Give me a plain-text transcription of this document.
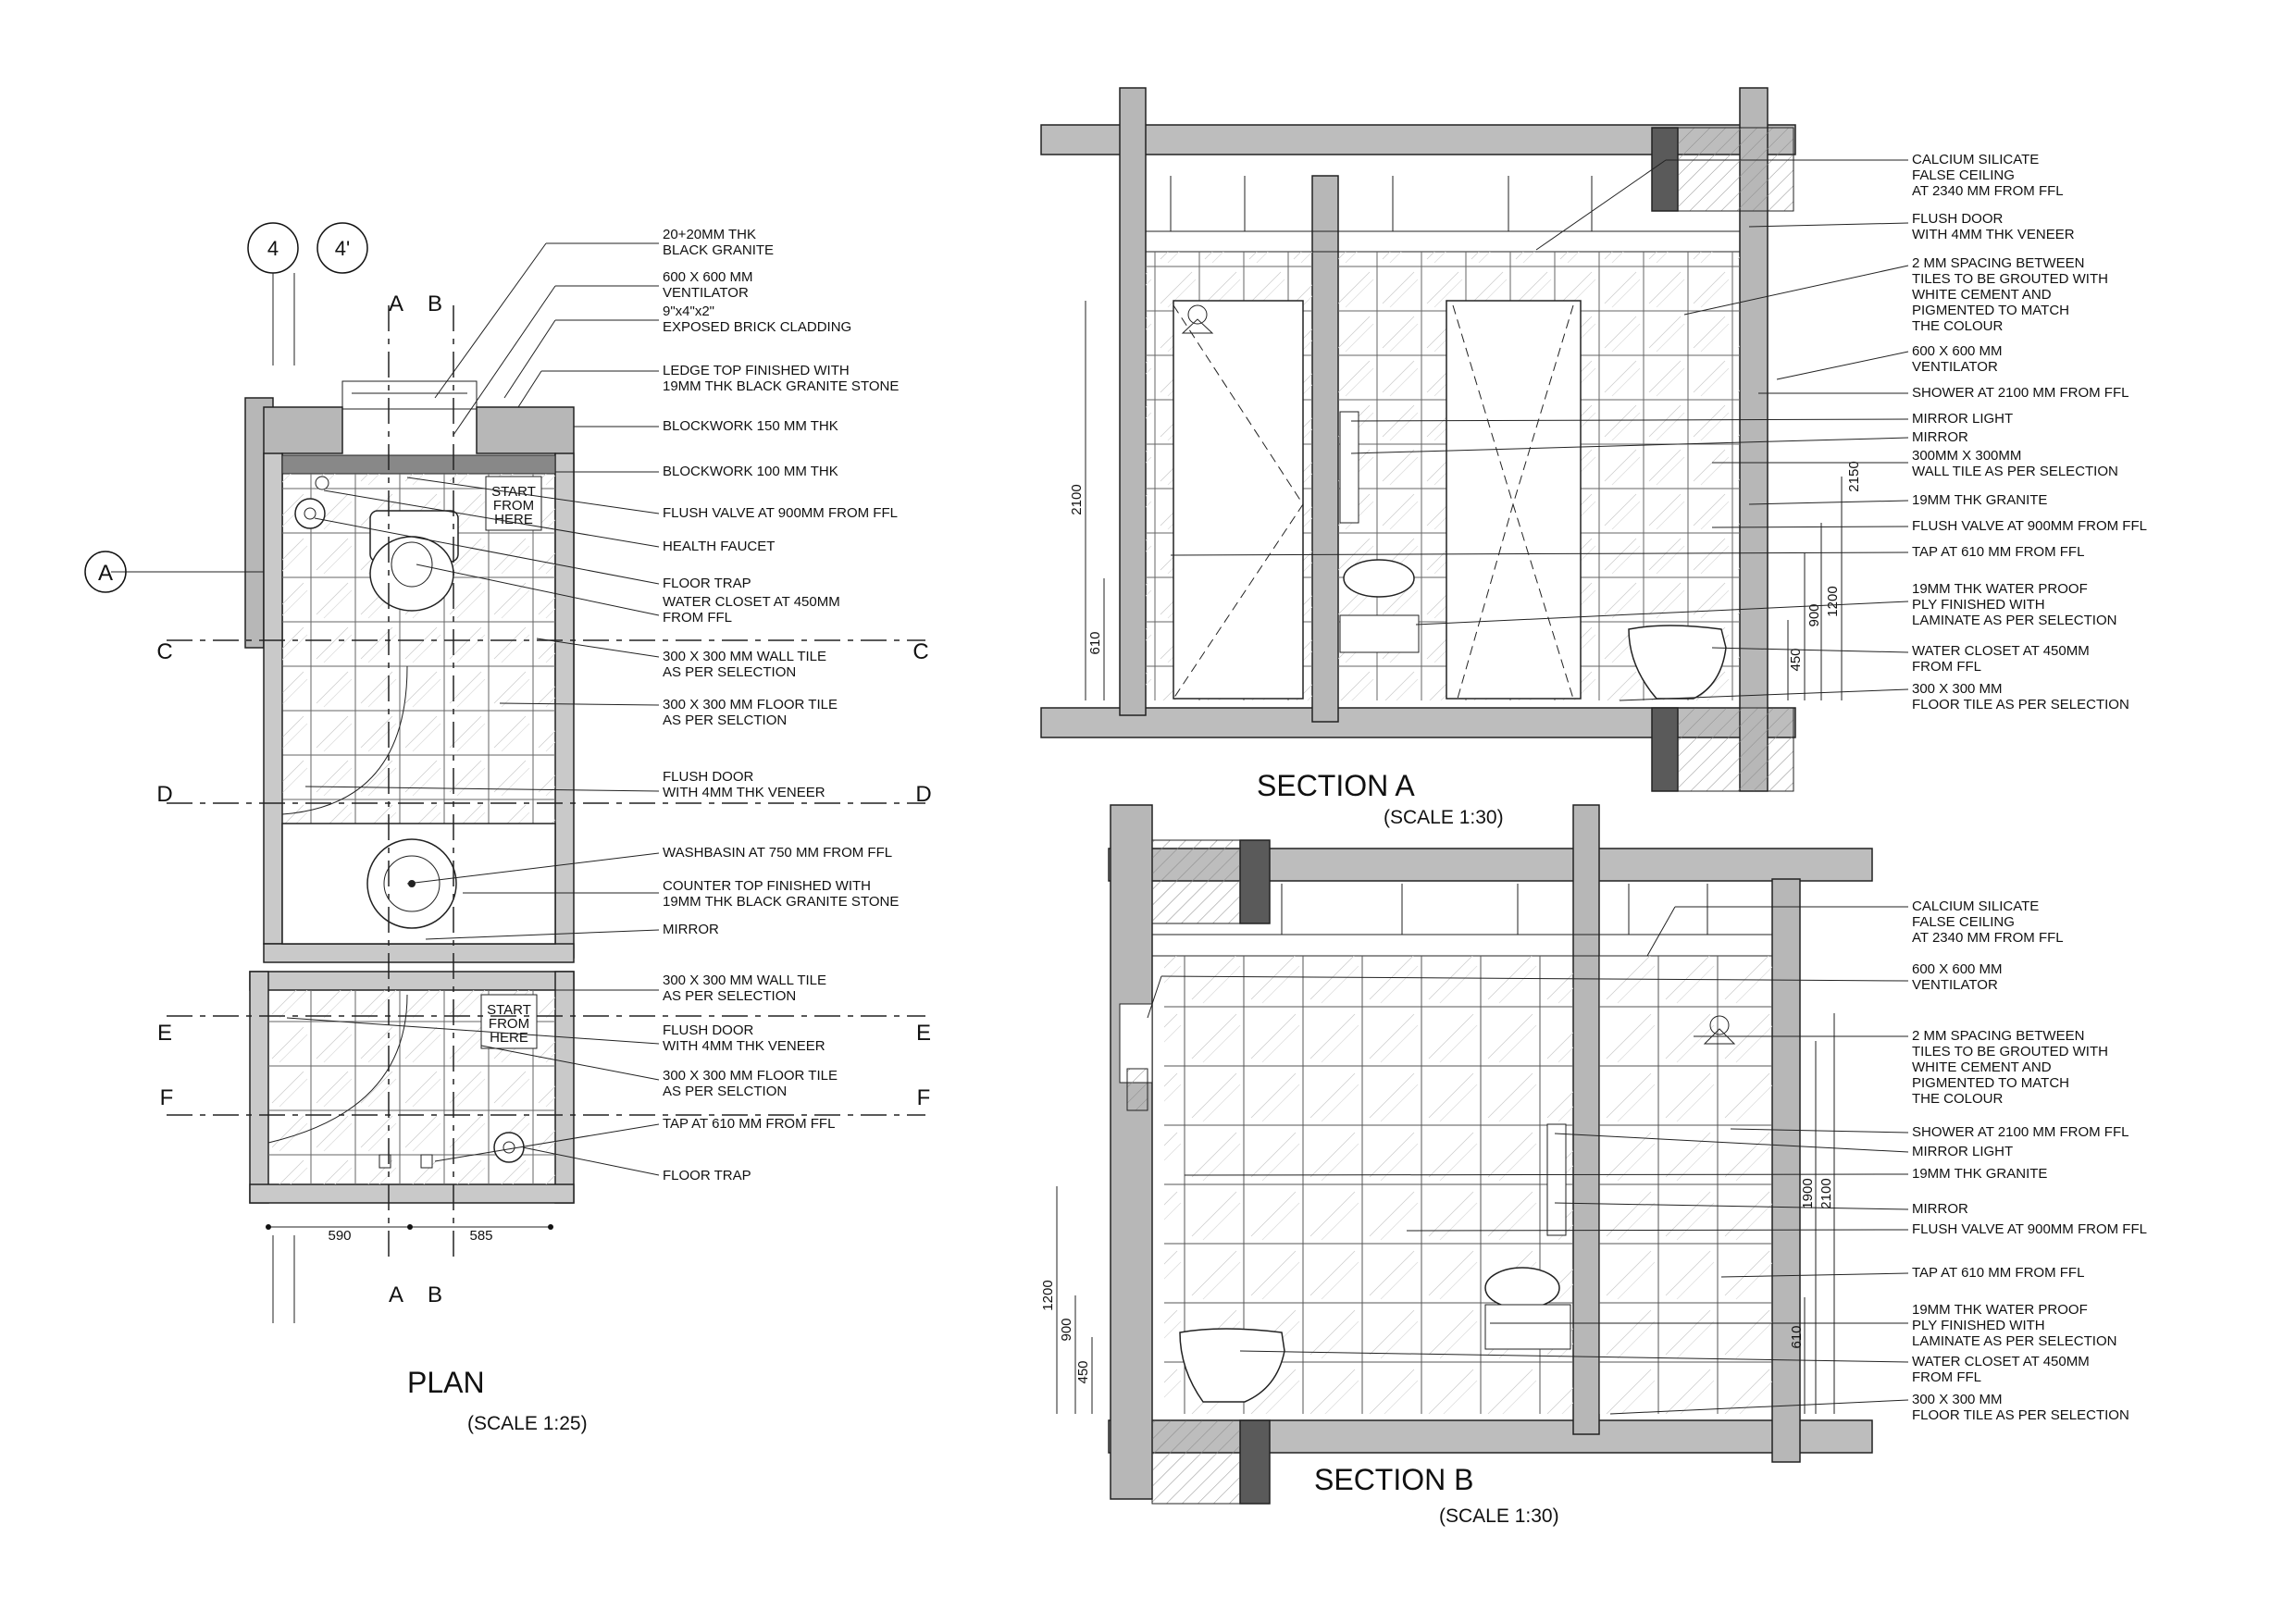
4	4'
START
FROM
HERE
START
FROM
HERE
A
A B
A B
C	C
D	D
E	E
F	F
590	585
PLAN
(SCALE 1:25)
20+20MM THK
BLACK GRANITE
600 X 600 MM
VENTILATOR
9"x4"x2"
EXPOSED BRICK CLADDING
LEDGE TOP FINISHED WITH
19MM THK BLACK GRANITE STONE
BLOCKWORK 150 MM THK
BLOCKWORK 100 MM THK
FLUSH VALVE AT 900MM FROM FFL
HEALTH FAUCET
FLOOR TRAP
WATER CLOSET AT 450MM
FROM FFL
300 X 300 MM WALL TILE
AS PER SELECTION
300 X 300 MM FLOOR TILE
AS PER SELCTION
FLUSH DOOR
WITH 4MM THK VENEER
WASHBASIN AT 750 MM FROM FFL
COUNTER TOP FINISHED WITH
19MM THK BLACK GRANITE STONE
MIRROR
300 X 300 MM WALL TILE
AS PER SELECTION
FLUSH DOOR
WITH 4MM THK VENEER
300 X 300 MM FLOOR TILE
AS PER SELCTION
TAP AT 610 MM FROM FFL
FLOOR TRAP
2100
610
2150
1200
900
450
SECTION A
(SCALE 1:30)
CALCIUM SILICATE
FALSE CEILING
AT 2340 MM FROM FFL
FLUSH DOOR
WITH 4MM THK VENEER
2 MM SPACING BETWEEN
TILES TO BE GROUTED WITH
WHITE CEMENT AND
PIGMENTED TO MATCH
THE COLOUR
600 X 600 MM
VENTILATOR
SHOWER AT 2100 MM FROM FFL
MIRROR LIGHT
MIRROR
300MM X 300MM
WALL TILE AS PER SELECTION
19MM THK GRANITE
FLUSH VALVE AT 900MM FROM FFL
TAP AT 610 MM FROM FFL
19MM THK WATER PROOF
PLY FINISHED WITH
LAMINATE AS PER SELECTION
WATER CLOSET AT 450MM
FROM FFL
300 X 300 MM
FLOOR TILE AS PER SELECTION
1200
900
450
1900 2100
610
SECTION B
(SCALE 1:30)
CALCIUM SILICATE
FALSE CEILING
AT 2340 MM FROM FFL
600 X 600 MM
VENTILATOR
2 MM SPACING BETWEEN
TILES TO BE GROUTED WITH
WHITE CEMENT AND
PIGMENTED TO MATCH
THE COLOUR
SHOWER AT 2100 MM FROM FFL
MIRROR LIGHT
19MM THK GRANITE
MIRROR
FLUSH VALVE AT 900MM FROM FFL
TAP AT 610 MM FROM FFL
19MM THK WATER PROOF
PLY FINISHED WITH
LAMINATE AS PER SELECTION
WATER CLOSET AT 450MM
FROM FFL
300 X 300 MM
FLOOR TILE AS PER SELECTION
